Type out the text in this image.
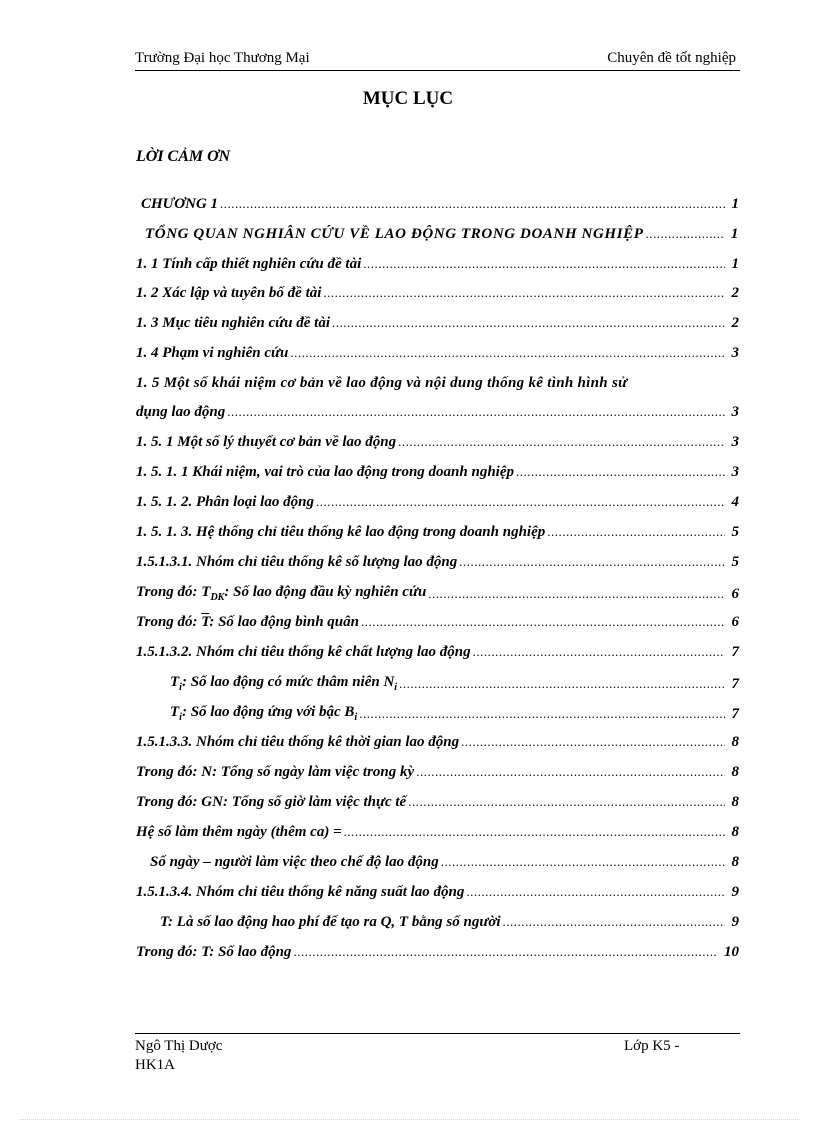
Trường Đại học Thương Mại	Chuyên đề tốt nghiệp
MỤC LỤC
LỜI CẢM ƠN
CHƯƠNG 1 .....	1
TỔNG QUAN NGHIÂN CỨU VỀ LAO ĐỘNG TRONG DOANH NGHIỆP .....	1
1. 1 Tính cấp thiết nghiên cứu đề tài .....	1
1. 2 Xác lập và tuyên bố đề tài .....	2
1. 3 Mục tiêu nghiên cứu đề tài .....	2
1. 4 Phạm vi nghiên cứu .....	3
1. 5 Một số khái niệm cơ bản về lao động và nội dung thống kê tình hình sử
dụng lao động .....	3
1. 5. 1 Một số lý thuyết cơ bản về lao động .....	3
1. 5. 1. 1 Khái niệm, vai trò của lao động trong doanh nghiệp .....	3
1. 5. 1. 2. Phân loại lao động .....	4
1. 5. 1. 3. Hệ thống chỉ tiêu thống kê lao động trong doanh nghiệp .....	5
1.5.1.3.1. Nhóm chỉ tiêu thống kê số lượng lao động .....	5
Trong đó: $T_{DK}$: Số lao động đầu kỳ nghiên cứu .....	6
Trong đó: $\overline{T}$: Số lao động bình quân .....	6
1.5.1.3.2. Nhóm chỉ tiêu thống kê chất lượng lao động .....	7
$T_i$: Số lao động có mức thâm niên $N_i$ .....	7
$T_i$: Số lao động ứng với bậc $B_i$ .....	7
1.5.1.3.3. Nhóm chỉ tiêu thống kê thời gian lao động .....	8
Trong đó: N: Tổng số ngày làm việc trong kỳ .....	8
Trong đó: GN: Tổng số giờ làm việc thực tế .....	8
Hệ số làm thêm ngày (thêm ca) = .....	8
Số ngày – người làm việc theo chế độ lao động .....	8
1.5.1.3.4. Nhóm chỉ tiêu thống kê năng suất lao động .....	9
T: Là số lao động hao phí để tạo ra Q, T bằng số người .....	9
Trong đó: T: Số lao động .....	10
Ngô Thị Dược	Lớp K5 -
HK1A
